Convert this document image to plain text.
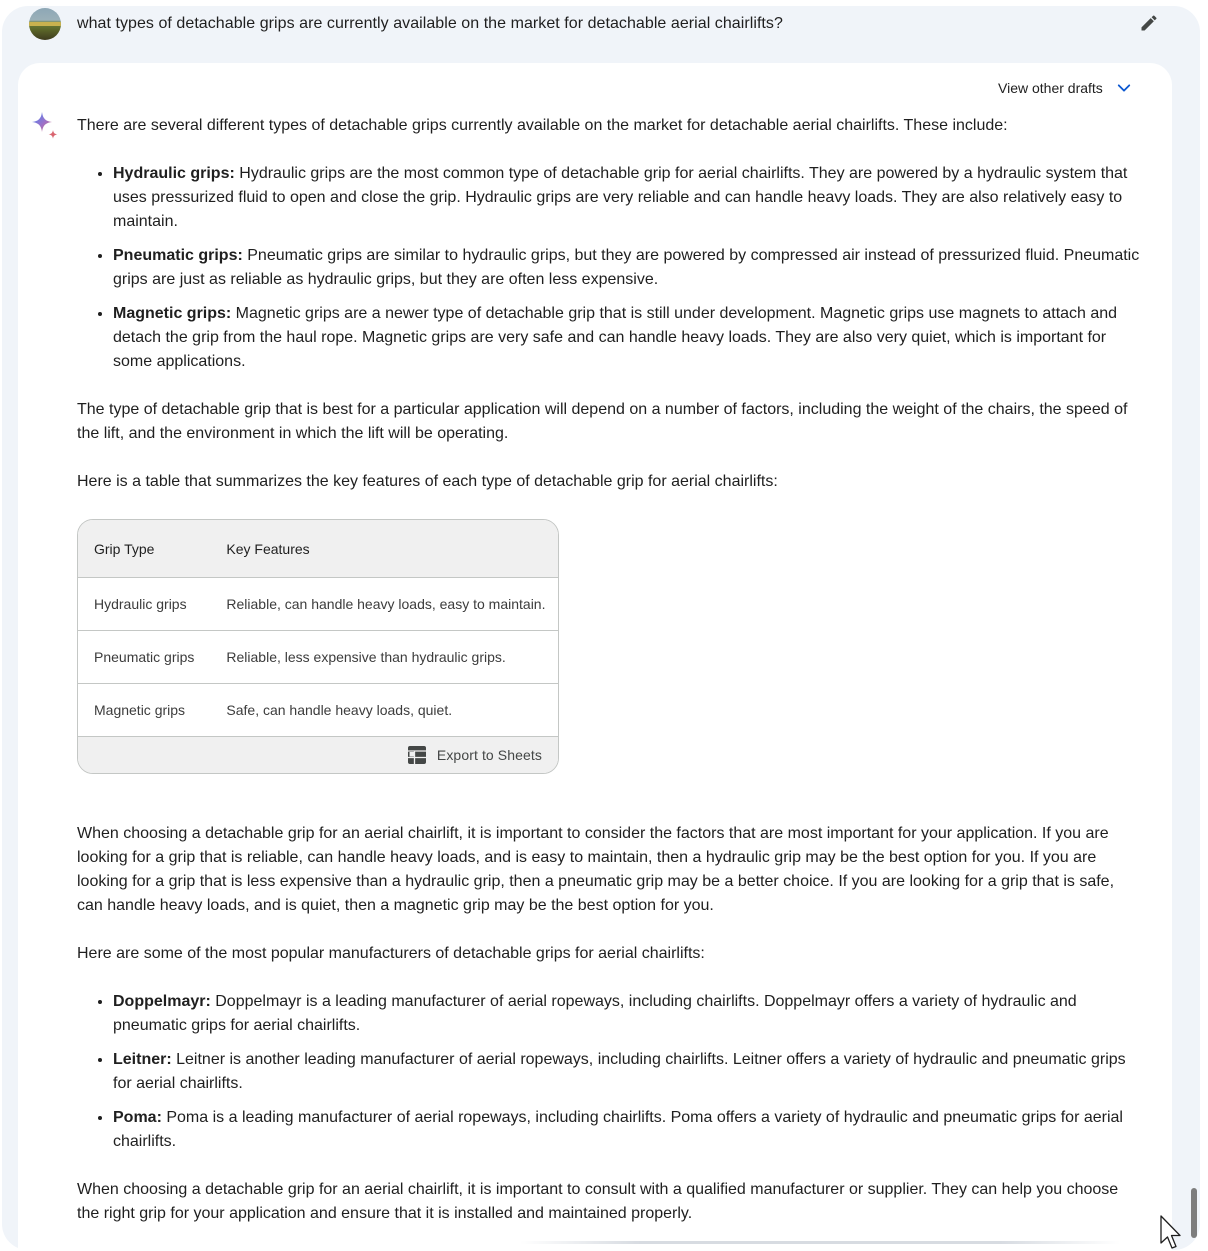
what types of detachable grips are currently available on the market for detachable aerial chairlifts?
View other drafts

There are several different types of detachable grips currently available on the market for detachable aerial chairlifts. These include:

• Hydraulic grips: Hydraulic grips are the most common type of detachable grip for aerial chairlifts. They are powered by a hydraulic system that uses pressurized fluid to open and close the grip. Hydraulic grips are very reliable and can handle heavy loads. They are also relatively easy to maintain.
• Pneumatic grips: Pneumatic grips are similar to hydraulic grips, but they are powered by compressed air instead of pressurized fluid. Pneumatic grips are just as reliable as hydraulic grips, but they are often less expensive.
• Magnetic grips: Magnetic grips are a newer type of detachable grip that is still under development. Magnetic grips use magnets to attach and detach the grip from the haul rope. Magnetic grips are very safe and can handle heavy loads. They are also very quiet, which is important for some applications.

The type of detachable grip that is best for a particular application will depend on a number of factors, including the weight of the chairs, the speed of the lift, and the environment in which the lift will be operating.

Here is a table that summarizes the key features of each type of detachable grip for aerial chairlifts:

Grip Type	Key Features
Hydraulic grips	Reliable, can handle heavy loads, easy to maintain.
Pneumatic grips	Reliable, less expensive than hydraulic grips.
Magnetic grips	Safe, can handle heavy loads, quiet.
Export to Sheets

When choosing a detachable grip for an aerial chairlift, it is important to consider the factors that are most important for your application. If you are looking for a grip that is reliable, can handle heavy loads, and is easy to maintain, then a hydraulic grip may be the best option for you. If you are looking for a grip that is less expensive than a hydraulic grip, then a pneumatic grip may be a better choice. If you are looking for a grip that is safe, can handle heavy loads, and is quiet, then a magnetic grip may be the best option for you.

Here are some of the most popular manufacturers of detachable grips for aerial chairlifts:

• Doppelmayr: Doppelmayr is a leading manufacturer of aerial ropeways, including chairlifts. Doppelmayr offers a variety of hydraulic and pneumatic grips for aerial chairlifts.
• Leitner: Leitner is another leading manufacturer of aerial ropeways, including chairlifts. Leitner offers a variety of hydraulic and pneumatic grips for aerial chairlifts.
• Poma: Poma is a leading manufacturer of aerial ropeways, including chairlifts. Poma offers a variety of hydraulic and pneumatic grips for aerial chairlifts.

When choosing a detachable grip for an aerial chairlift, it is important to consult with a qualified manufacturer or supplier. They can help you choose the right grip for your application and ensure that it is installed and maintained properly.
